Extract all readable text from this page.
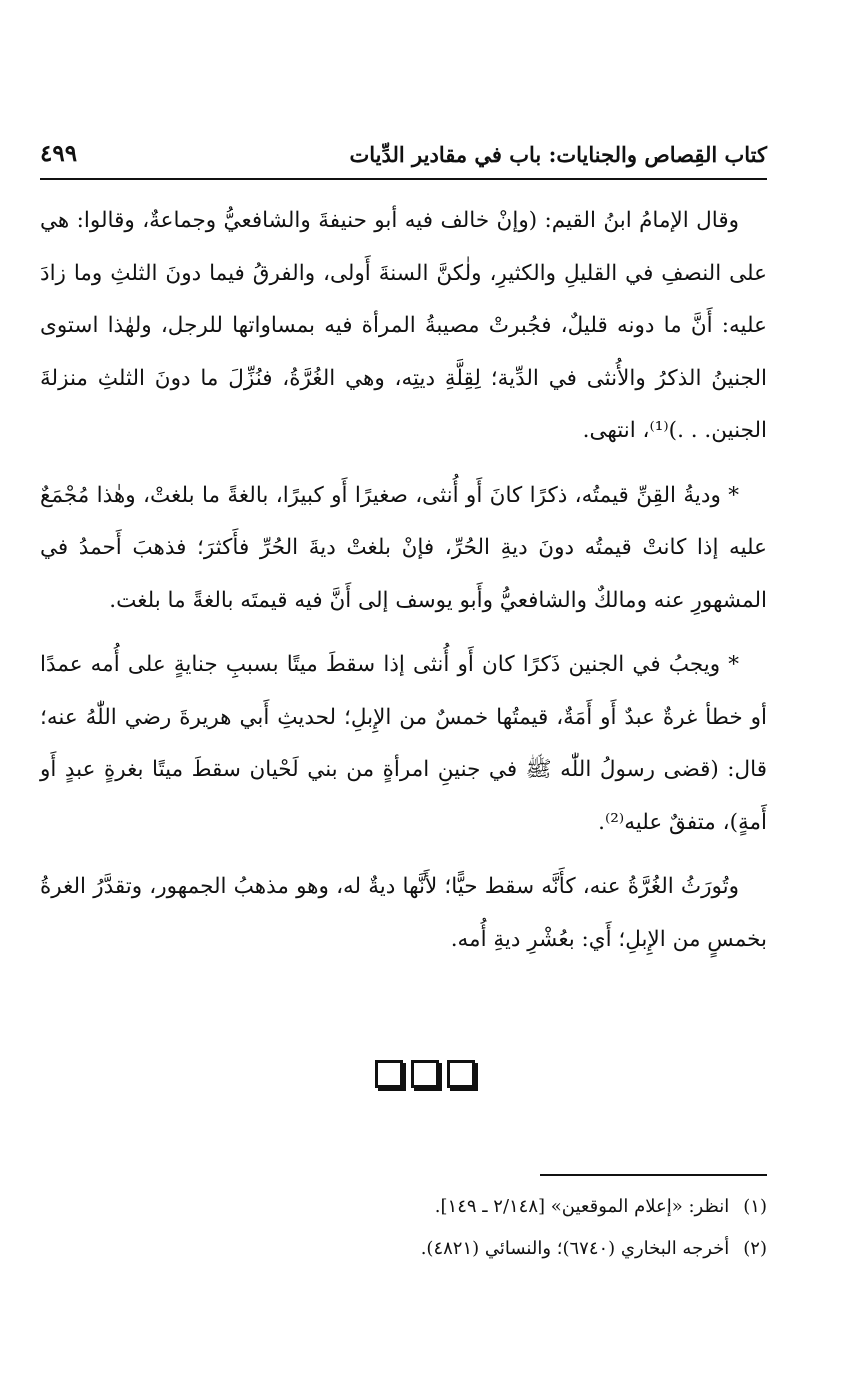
كتاب القِصاص والجنايات: باب في مقادير الدِّيات
٤٩٩

وقال الإمامُ ابنُ القيم: (وإنْ خالف فيه أبو حنيفةَ والشافعيُّ وجماعةٌ، وقالوا: هي على النصفِ في القليلِ والكثيرِ، ولٰكنَّ السنةَ أَولى، والفرقُ فيما دونَ الثلثِ وما زادَ عليه: أَنَّ ما دونه قليلٌ، فجُبرتْ مصيبةُ المرأة فيه بمساواتها للرجل، ولهٰذا استوى الجنينُ الذكرُ والأُنثى في الدِّية؛ لِقِلَّةِ ديتِه، وهي الغُرَّةُ، فنُزِّلَ ما دونَ الثلثِ منزلةَ الجنين. . .)⁽¹⁾، انتهى.

* وديةُ القِنِّ قيمتُه، ذكرًا كانَ أَو أُنثى، صغيرًا أَو كبيرًا، بالغةً ما بلغتْ، وهٰذا مُجْمَعٌ عليه إذا كانتْ قيمتُه دونَ ديةِ الحُرِّ، فإنْ بلغتْ ديةَ الحُرِّ فأَكثرَ؛ فذهبَ أَحمدُ في المشهورِ عنه ومالكٌ والشافعيُّ وأَبو يوسف إلى أَنَّ فيه قيمتَه بالغةً ما بلغت.

* ويجبُ في الجنين ذَكرًا كان أَو أُنثى إذا سقطَ ميتًا بسببِ جنايةٍ على أُمه عمدًا أو خطأ غرةٌ عبدٌ أَو أَمَةٌ، قيمتُها خمسٌ من الإِبلِ؛ لحديثِ أَبي هريرةَ رضي اللّٰهُ عنه؛ قال: (قضى رسولُ اللّٰه ﷺ في جنينِ امرأةٍ من بني لَحْيان سقطَ ميتًا بغرةٍ عبدٍ أَو أَمةٍ)، متفقٌ عليه⁽²⁾.

وتُورَثُ الغُرَّةُ عنه، كأَنَّه سقط حيًّا؛ لأَنَّها ديةٌ له، وهو مذهبُ الجمهور، وتقدَّرُ الغرةُ بخمسٍ من الإِبلِ؛ أَي: بعُشْرِ ديةِ أُمه.

(١)انظر: «إعلام الموقعين» [٢/١٤٨ ـ ١٤٩].
(٢)أخرجه البخاري (٦٧٤٠)؛ والنسائي (٤٨٢١).
